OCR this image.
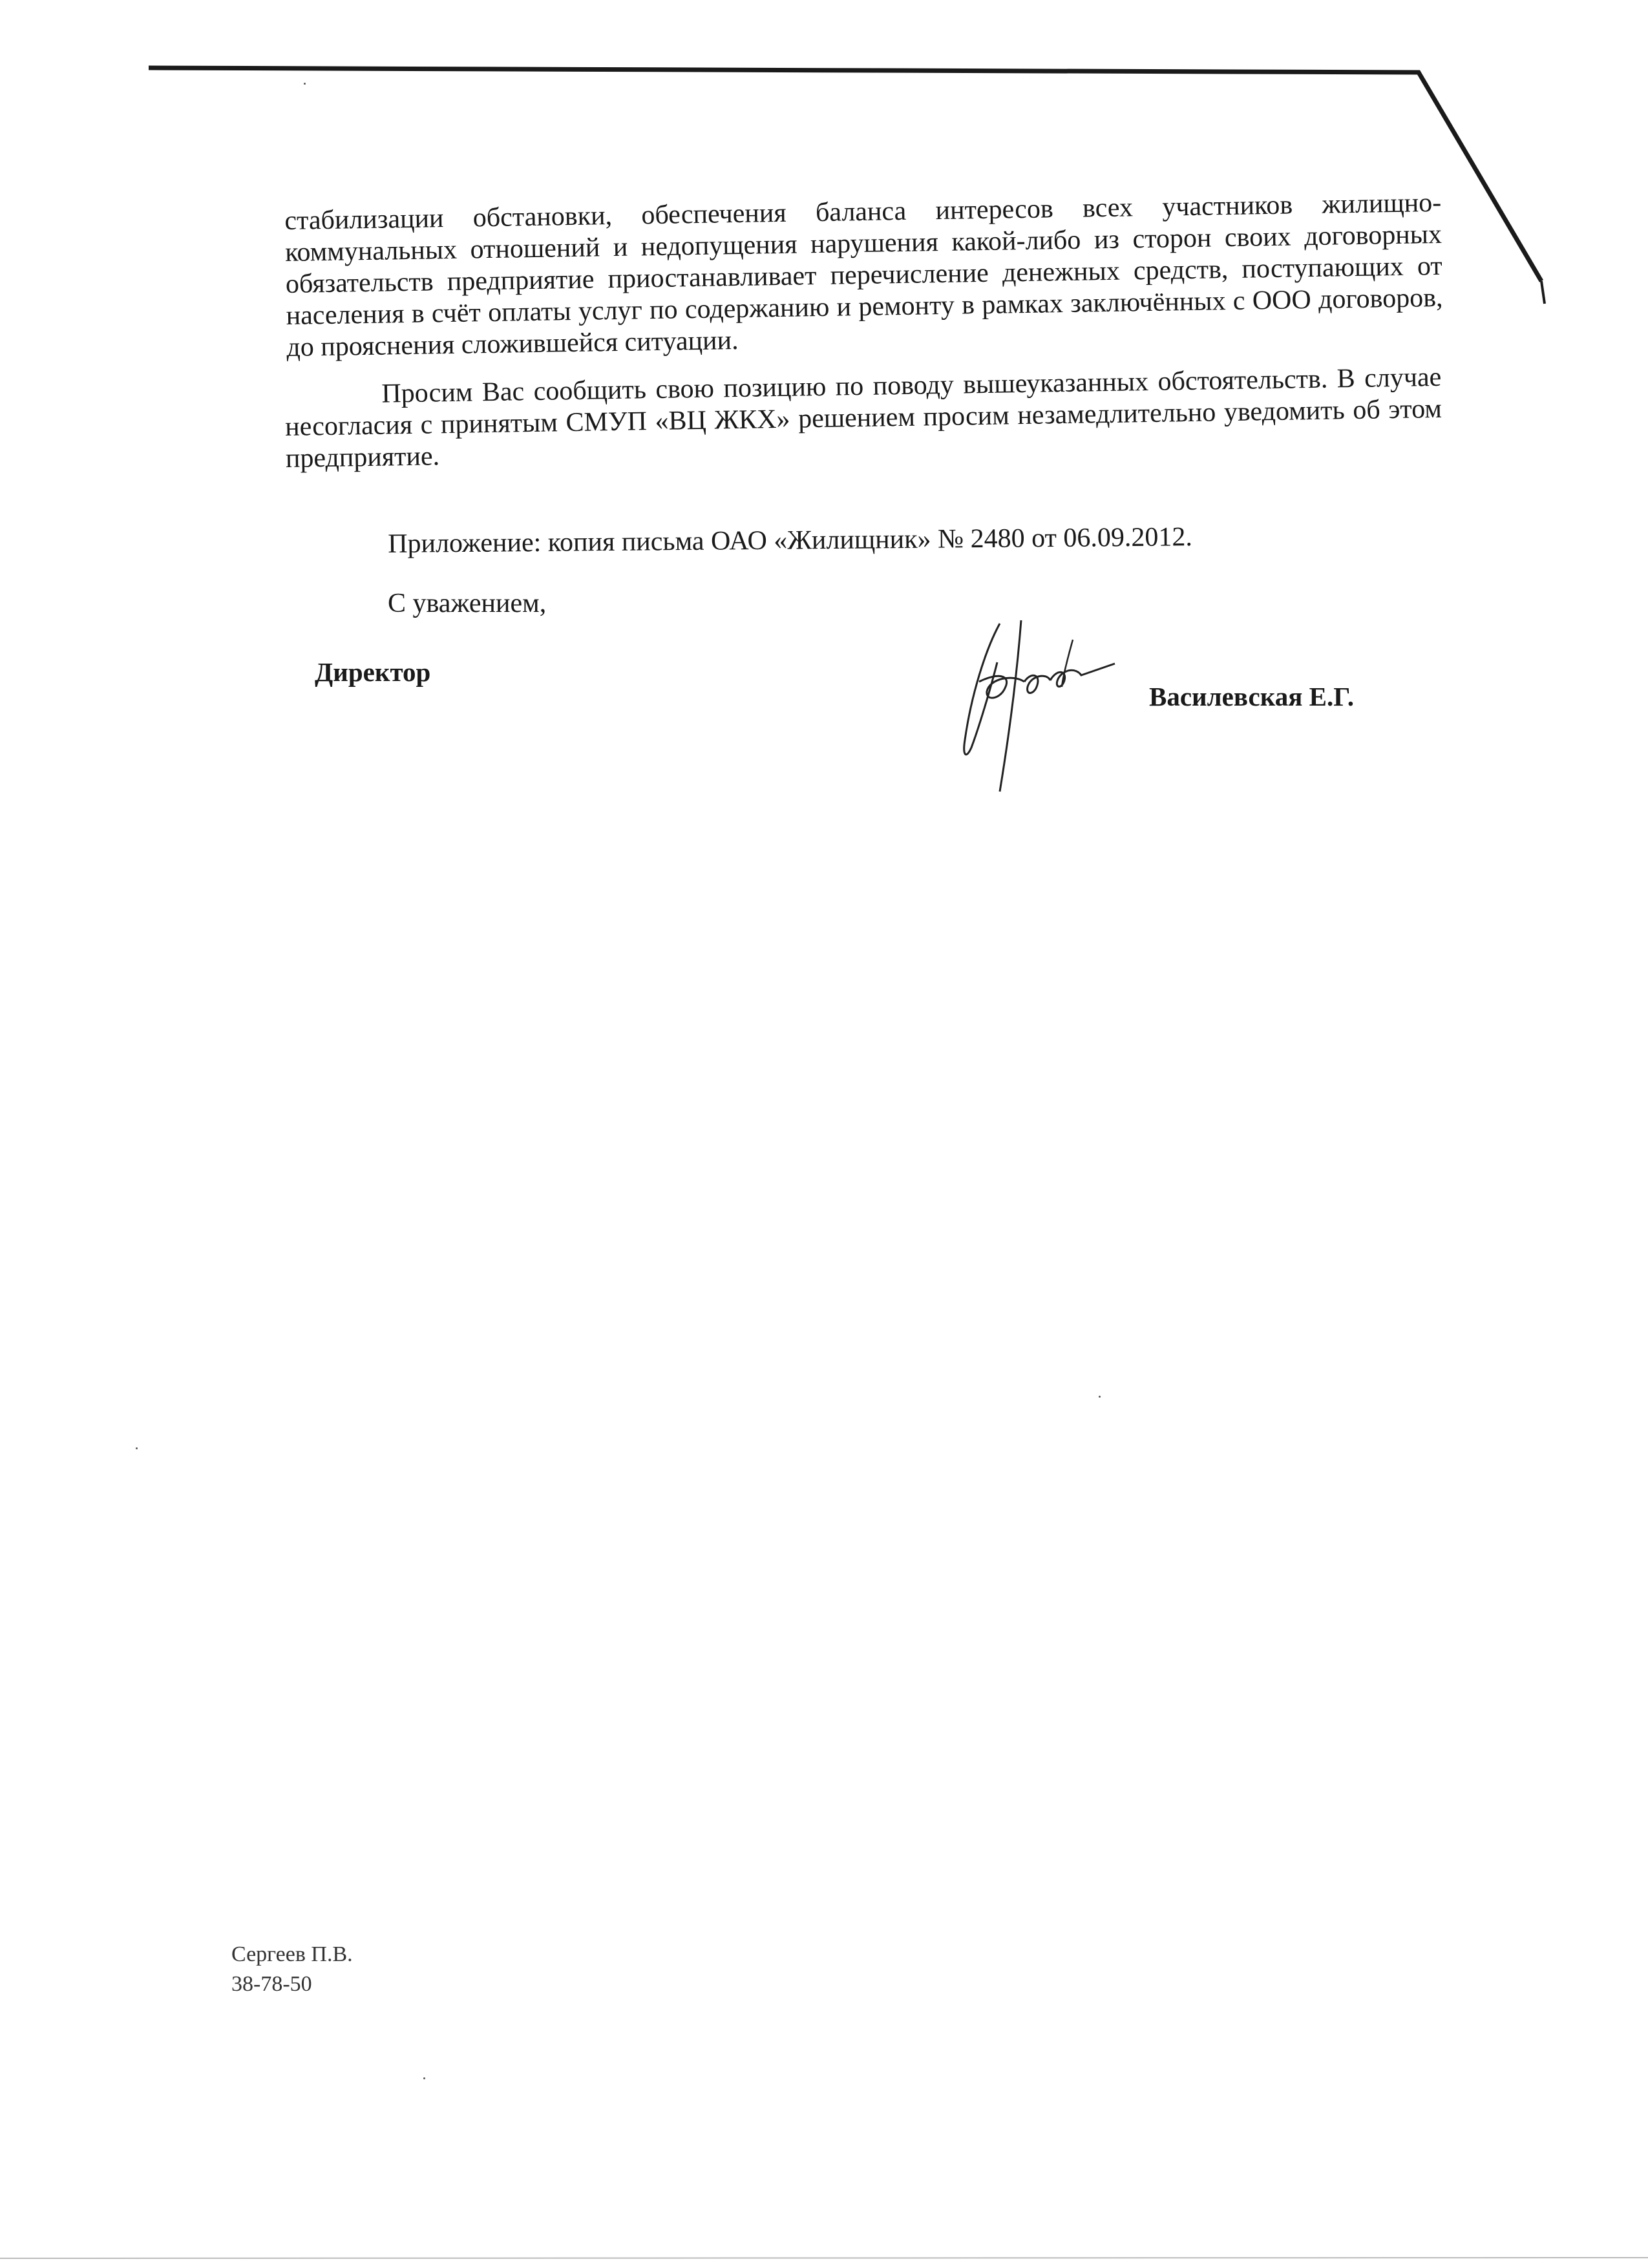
стабилизации обстановки, обеспечения баланса интересов всех участников жилищно-коммунальных отношений и недопущения нарушения какой-либо из сторон своих договорных обязательств предприятие приостанавливает перечисление денежных средств, поступающих от населения в счёт оплаты услуг по содержанию и ремонту в рамках заключённых с ООО договоров, до прояснения сложившейся ситуации.

Просим Вас сообщить свою позицию по поводу вышеуказанных обстоятельств. В случае несогласия с принятым СМУП «ВЦ ЖКХ» решением просим незамедлительно уведомить об этом предприятие.

Приложение: копия письма ОАО «Жилищник» № 2480 от 06.09.2012.

С уважением,

Директор

Василевская Е.Г.

Сергеев П.В.
38-78-50
